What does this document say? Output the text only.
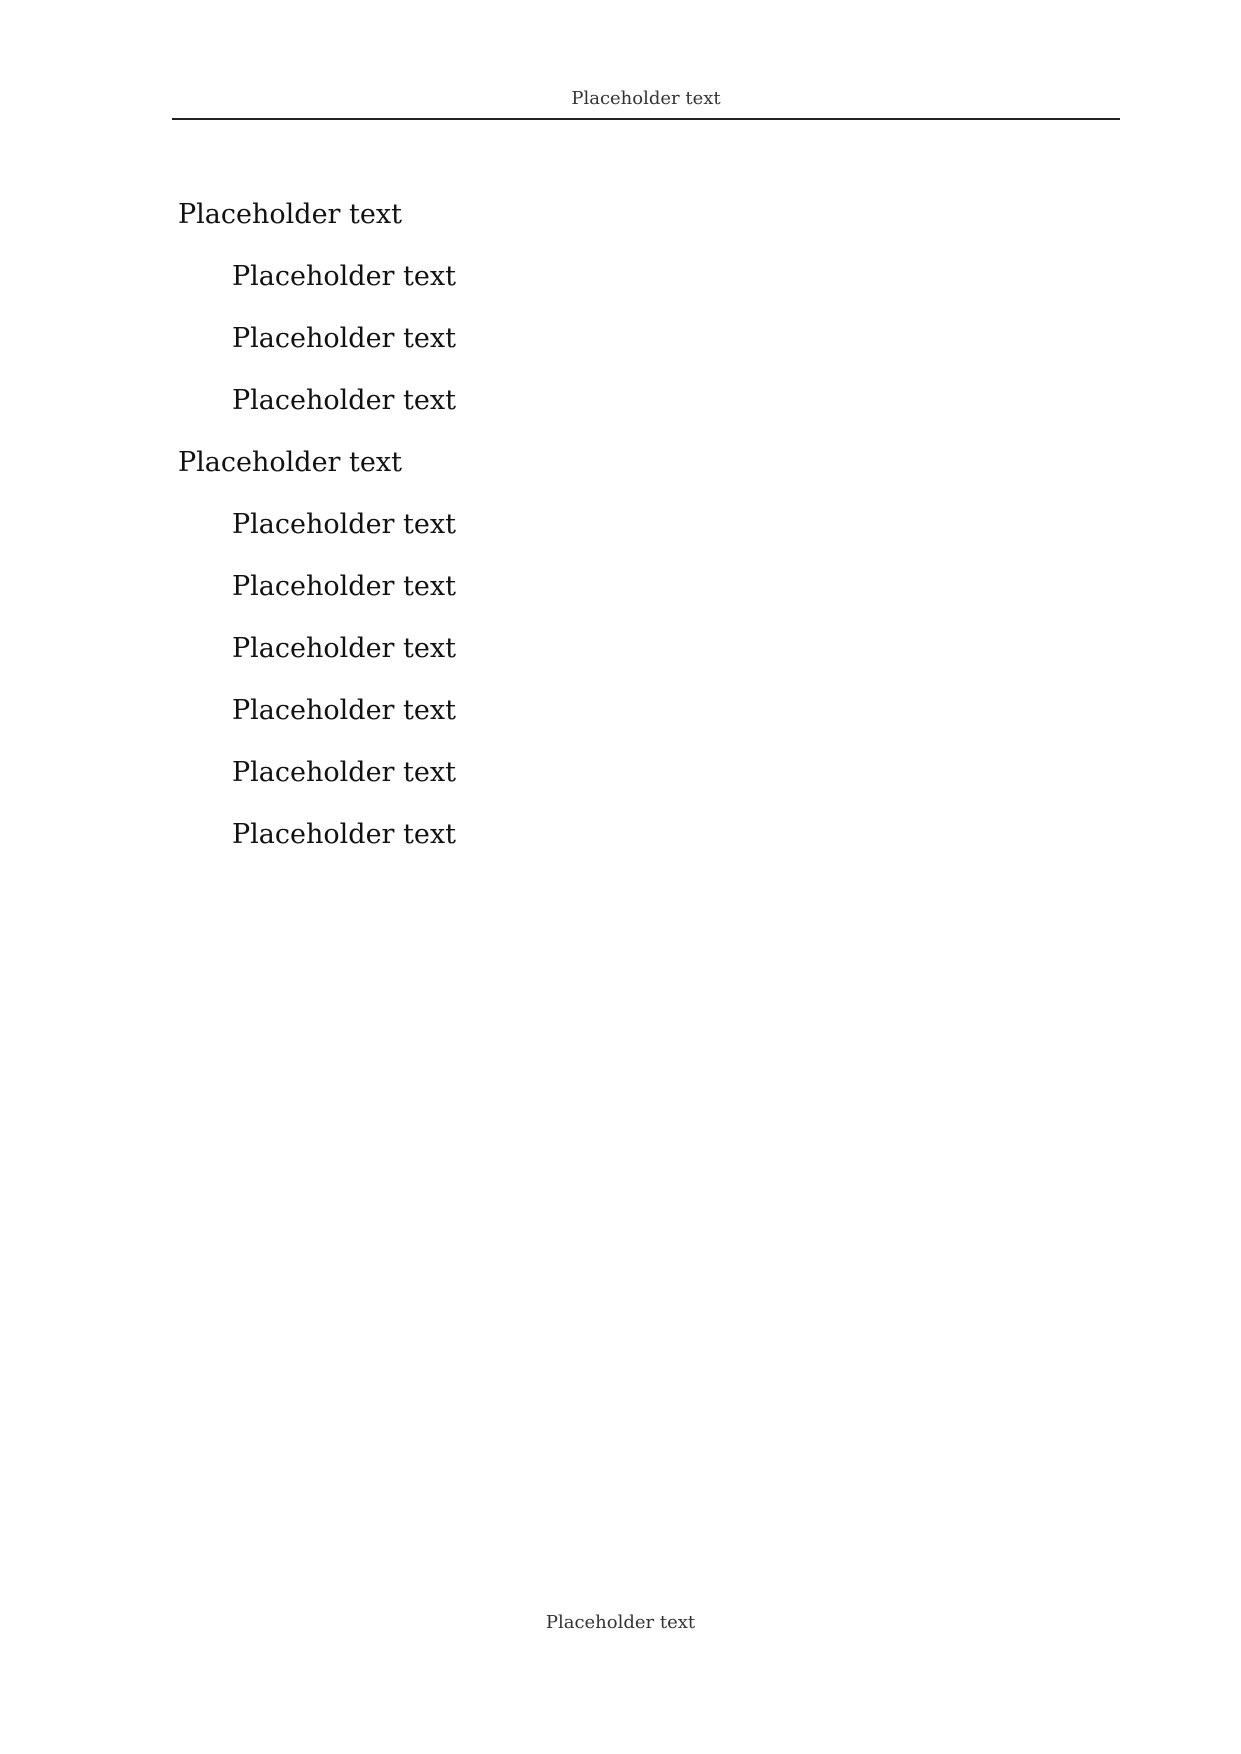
Placeholder text
Placeholder text

Placeholder text

Placeholder text

Placeholder text

Placeholder text

Placeholder text

Placeholder text

Placeholder text

Placeholder text

Placeholder text

Placeholder text

Placeholder text
